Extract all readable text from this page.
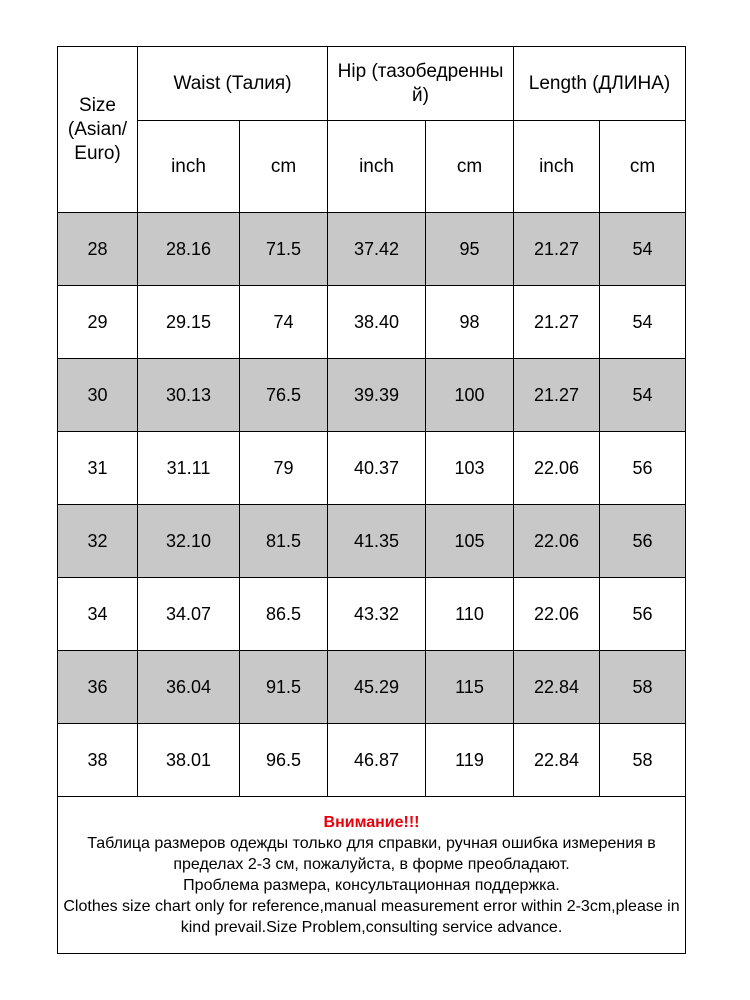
Size (Asian/ Euro)	Waist (Талия)		Hip (тазобедренный)		Length (ДЛИНА)	
	inch	cm	inch	cm	inch	cm
28	28.16	71.5	37.42	95	21.27	54
29	29.15	74	38.40	98	21.27	54
30	30.13	76.5	39.39	100	21.27	54
31	31.11	79	40.37	103	22.06	56
32	32.10	81.5	41.35	105	22.06	56
34	34.07	86.5	43.32	110	22.06	56
36	36.04	91.5	45.29	115	22.84	58
38	38.01	96.5	46.87	119	22.84	58

Внимание!!!
Таблица размеров одежды только для справки, ручная ошибка измерения в пределах 2-3 см, пожалуйста, в форме преобладают.
Проблема размера, консультационная поддержка.
Clothes size chart only for reference,manual measurement error within 2-3cm,please in kind prevail.Size Problem,consulting service advance.						
